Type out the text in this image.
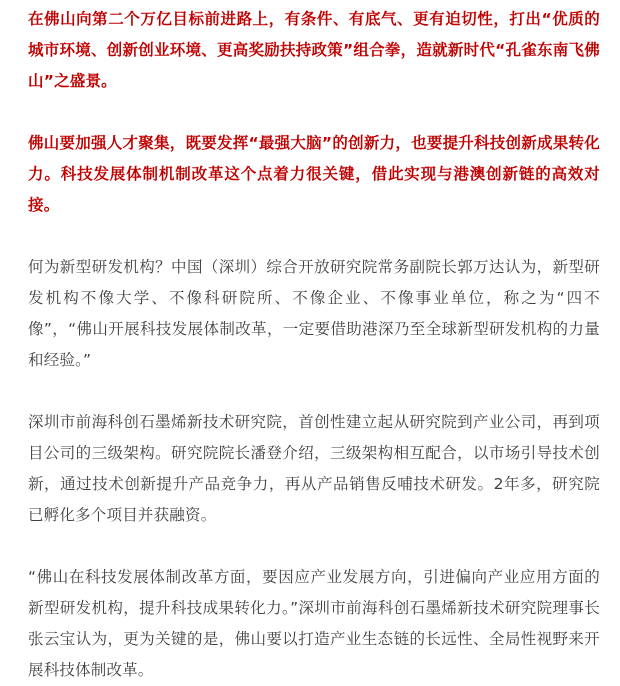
在佛山向第二个万亿目标前进路上，有条件、有底气、更有迫切性，打出“优质的城市环境、创新创业环境、更高奖励扶持政策”组合拳，造就新时代“孔雀东南飞佛山”之盛景。

佛山要加强人才聚集，既要发挥“最强大脑”的创新力，也要提升科技创新成果转化力。科技发展体制机制改革这个点着力很关键，借此实现与港澳创新链的高效对接。

何为新型研发机构？中国（深圳）综合开放研究院常务副院长郭万达认为，新型研发机构不像大学、不像科研院所、不像企业、不像事业单位，称之为“四不像”，“佛山开展科技发展体制改革，一定要借助港深乃至全球新型研发机构的力量和经验。”

深圳市前海科创石墨烯新技术研究院，首创性建立起从研究院到产业公司，再到项目公司的三级架构。研究院院长潘登介绍，三级架构相互配合，以市场引导技术创新，通过技术创新提升产品竞争力，再从产品销售反哺技术研发。2年多，研究院已孵化多个项目并获融资。

“佛山在科技发展体制改革方面，要因应产业发展方向，引进偏向产业应用方面的新型研发机构，提升科技成果转化力。”深圳市前海科创石墨烯新技术研究院理事长张云宝认为，更为关键的是，佛山要以打造产业生态链的长远性、全局性视野来开展科技体制改革。
